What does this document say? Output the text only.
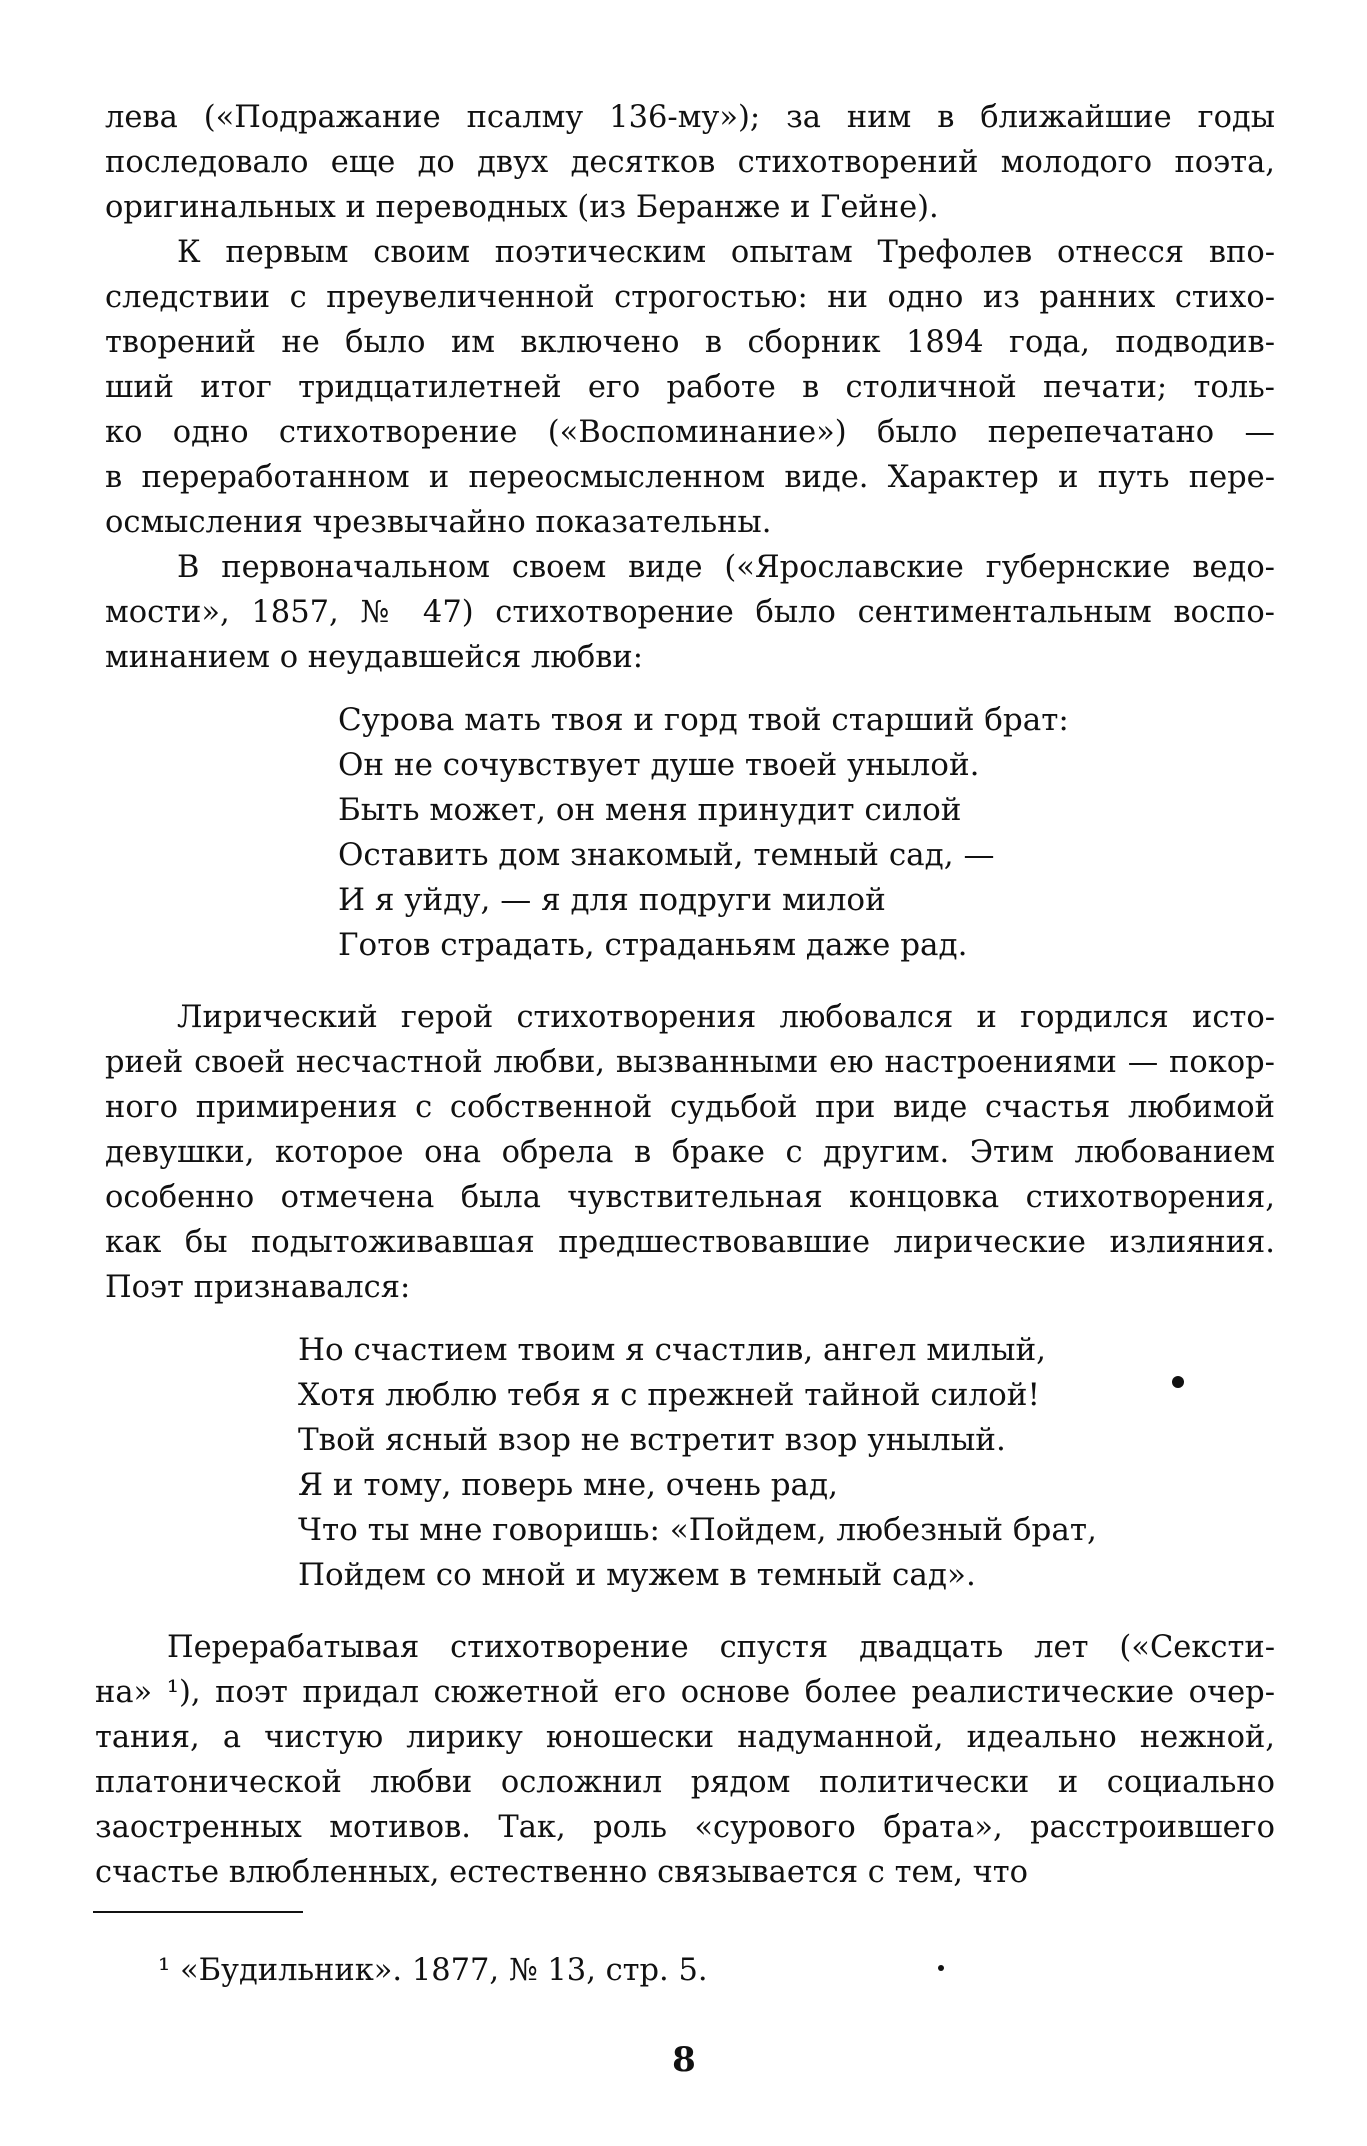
лева («Подражание псалму 136-му»); за ним в ближайшие годы
последовало еще до двух десятков стихотворений молодого поэта,
оригинальных и переводных (из Беранже и Гейне).
К первым своим поэтическим опытам Трефолев отнесся впо-
следствии с преувеличенной строгостью: ни одно из ранних стихо-
творений не было им включено в сборник 1894 года, подводив-
ший итог тридцатилетней его работе в столичной печати; толь-
ко одно стихотворение («Воспоминание») было перепечатано —
в переработанном и переосмысленном виде. Характер и путь пере-
осмысления чрезвычайно показательны.
В первоначальном своем виде («Ярославские губернские ведо-
мости», 1857, № 47) стихотворение было сентиментальным воспо-
минанием о неудавшейся любви:
Сурова мать твоя и горд твой старший брат:
Он не сочувствует душе твоей унылой.
Быть может, он меня принудит силой
Оставить дом знакомый, темный сад, —
И я уйду, — я для подруги милой
Готов страдать, страданьям даже рад.
Лирический герой стихотворения любовался и гордился исто-
рией своей несчастной любви, вызванными ею настроениями — покор-
ного примирения с собственной судьбой при виде счастья любимой
девушки, которое она обрела в браке с другим. Этим любованием
особенно отмечена была чувствительная концовка стихотворения,
как бы подытоживавшая предшествовавшие лирические излияния.
Поэт признавался:
Но счастием твоим я счастлив, ангел милый,
Хотя люблю тебя я с прежней тайной силой!
Твой ясный взор не встретит взор унылый.
Я и тому, поверь мне, очень рад,
Что ты мне говоришь: «Пойдем, любезный брат,
Пойдем со мной и мужем в темный сад».
Перерабатывая стихотворение спустя двадцать лет («Сексти-
на» ¹), поэт придал сюжетной его основе более реалистические очер-
тания, а чистую лирику юношески надуманной, идеально нежной,
платонической любви осложнил рядом политически и социально
заостренных мотивов. Так, роль «сурового брата», расстроившего
счастье влюбленных, естественно связывается с тем, что
¹ «Будильник». 1877, № 13, стр. 5.
8
